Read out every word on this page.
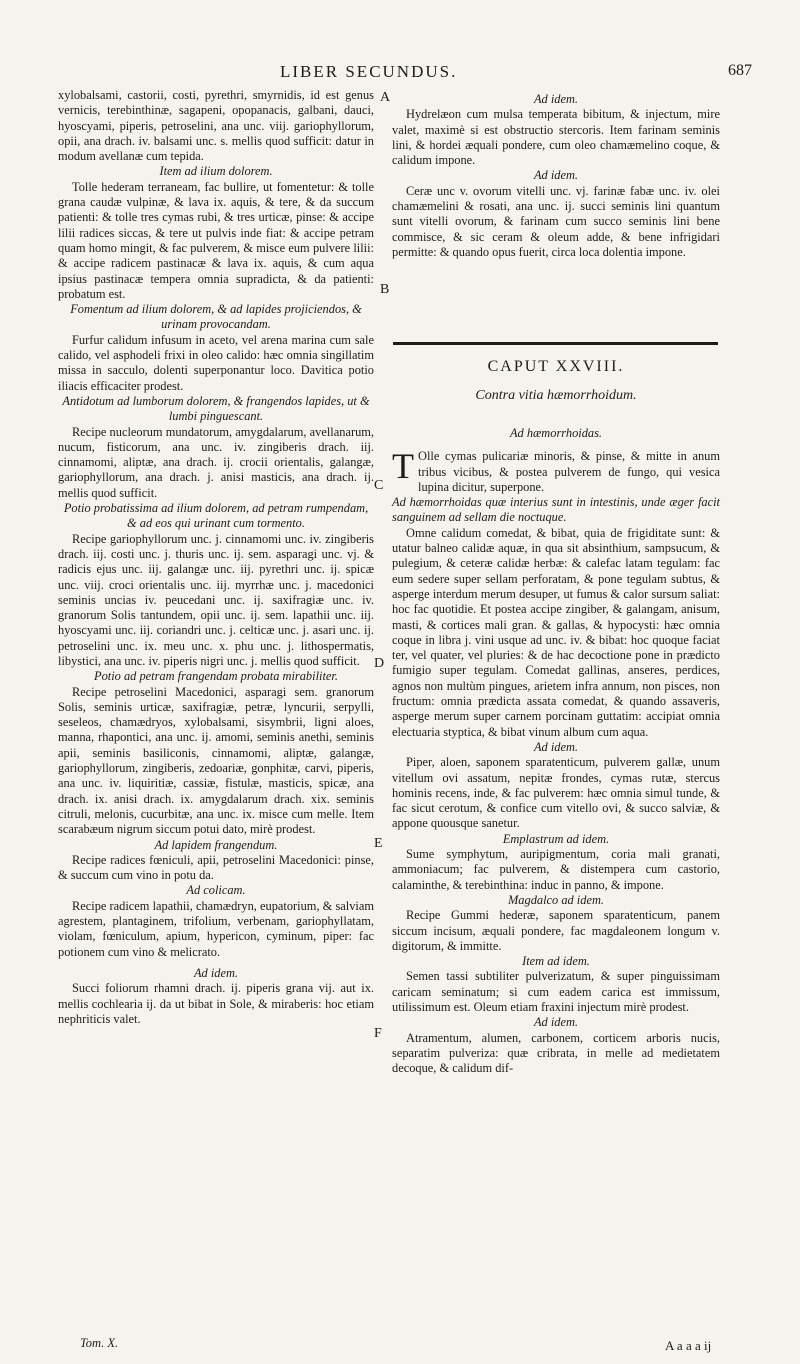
LIBER SECUNDUS.	687
A
B
C
D
E
F

xylobalsami, castorii, costi, pyrethri, smyrnidis, id est genus vernicis, terebinthinæ, sagapeni, opopanacis, galbani, dauci, hyoscyami, piperis, petroselini, ana unc. viij. gariophyllorum, opii, ana drach. iv. balsami unc. s. mellis quod sufficit: datur in modum avellanæ cum tepida.

Item ad ilium dolorem.

Tolle hederam terraneam, fac bullire, ut fomentetur: & tolle grana caudæ vulpinæ, & lava ix. aquis, & tere, & da succum patienti: & tolle tres cymas rubi, & tres urticæ, pinse: & accipe lilii radices siccas, & tere ut pulvis inde fiat: & accipe petram quam homo mingit, & fac pulverem, & misce eum pulvere lilii: & accipe radicem pastinacæ & lava ix. aquis, & cum aqua ipsius pastinacæ tempera omnia supradicta, & da patienti: probatum est.

Fomentum ad ilium dolorem, & ad lapides projiciendos, & urinam provocandam.

Furfur calidum infusum in aceto, vel arena marina cum sale calido, vel asphodeli frixi in oleo calido: hæc omnia singillatim missa in sacculo, dolenti superponantur loco. Davitica potio iliacis efficaciter prodest.

Antidotum ad lumborum dolorem, & frangendos lapides, ut & lumbi pinguescant.

Recipe nucleorum mundatorum, amygdalarum, avellanarum, nucum, fisticorum, ana unc. iv. zingiberis drach. iij. cinnamomi, aliptæ, ana drach. ij. crocii orientalis, galangæ, gariophyllorum, ana drach. j. anisi masticis, ana drach. ij. mellis quod sufficit.

Potio probatissima ad ilium dolorem, ad petram rumpendam, & ad eos qui urinant cum tormento.

Recipe gariophyllorum unc. j. cinnamomi unc. iv. zingiberis drach. iij. costi unc. j. thuris unc. ij. sem. asparagi unc. vj. & radicis ejus unc. iij. galangæ unc. iij. pyrethri unc. ij. spicæ unc. viij. croci orientalis unc. iij. myrrhæ unc. j. macedonici seminis uncias iv. peucedani unc. ij. saxifragiæ unc. iv. granorum Solis tantundem, opii unc. ij. sem. lapathii unc. iij. hyoscyami unc. iij. coriandri unc. j. celticæ unc. j. asari unc. ij. petroselini unc. ix. meu unc. x. phu unc. j. lithospermatis, libystici, ana unc. iv. piperis nigri unc. j. mellis quod sufficit.

Potio ad petram frangendam probata mirabiliter.

Recipe petroselini Macedonici, asparagi sem. granorum Solis, seminis urticæ, saxifragiæ, petræ, lyncurii, serpylli, seseleos, chamædryos, xylobalsami, sisymbrii, ligni aloes, manna, rhapontici, ana unc. ij. amomi, seminis anethi, seminis apii, seminis basiliconis, cinnamomi, aliptæ, galangæ, gariophyllorum, zingiberis, zedoariæ, gonphitæ, carvi, piperis, ana unc. iv. liquiritiæ, cassiæ, fistulæ, masticis, spicæ, ana drach. ix. anisi drach. ix. amygdalarum drach. xix. seminis citruli, melonis, cucurbitæ, ana unc. ix. misce cum melle. Item scarabæum nigrum siccum potui dato, mirè prodest.

Ad lapidem frangendum.

Recipe radices fœniculi, apii, petroselini Macedonici: pinse, & succum cum vino in potu da.

Ad colicam.

Recipe radicem lapathii, chamædryn, eupatorium, & salviam agrestem, plantaginem, trifolium, verbenam, gariophyllatam, violam, fœniculum, apium, hypericon, cyminum, piper: fac potionem cum vino & melicrato.

Ad idem.

Succi foliorum rhamni drach. ij. piperis grana vij. aut ix. mellis cochlearia ij. da ut bibat in Sole, & miraberis: hoc etiam nephriticis valet.

Tom. X.

Ad idem.

Hydrelæon cum mulsa temperata bibitum, & injectum, mire valet, maximè si est obstructio stercoris. Item farinam seminis lini, & hordei æquali pondere, cum oleo chamæmelino coque, & calidum impone.

Ad idem.

Ceræ unc v. ovorum vitelli unc. vj. farinæ fabæ unc. iv. olei chamæmelini & rosati, ana unc. ij. succi seminis lini quantum sunt vitelli ovorum, & farinam cum succo seminis lini bene commisce, & sic ceram & oleum adde, & bene infrigidari permitte: & quando opus fuerit, circa loca dolentia impone.

CAPUT XXVIII.
Contra vitia hæmorrhoidum.

Ad hæmorrhoidas.

T Olle cymas pulicariæ minoris, & pinse, & mitte in anum tribus vicibus, & postea pulverem de fungo, qui vesica lupina dicitur, superpone.

Ad hæmorrhoidas quæ interius sunt in intestinis, unde æger facit sanguinem ad sellam die noctuque.

Omne calidum comedat, & bibat, quia de frigiditate sunt: & utatur balneo calidæ aquæ, in qua sit absinthium, sampsucum, & pulegium, & ceteræ calidæ herbæ: & calefac latam tegulam: fac eum sedere super sellam perforatam, & pone tegulam subtus, & asperge interdum merum desuper, ut fumus & calor sursum saliat: hoc fac quotidie. Et postea accipe zingiber, & galangam, anisum, masti, & cortices mali gran. & gallas, & hypocysti: hæc omnia coque in libra j. vini usque ad unc. iv. & bibat: hoc quoque faciat ter, vel quater, vel pluries: & de hac decoctione pone in prædicto fumigio super tegulam. Comedat gallinas, anseres, perdices, agnos non multùm pingues, arietem infra annum, non pisces, non fructum: omnia prædicta assata comedat, & quando assaveris, asperge merum super carnem porcinam guttatim: accipiat omnia electuaria styptica, & bibat vinum album cum aqua.

Ad idem.

Piper, aloen, saponem sparatenticum, pulverem gallæ, unum vitellum ovi assatum, nepitæ frondes, cymas rutæ, stercus hominis recens, inde, & fac pulverem: hæc omnia simul tunde, & fac sicut cerotum, & confice cum vitello ovi, & succo salviæ, & appone quousque sanetur.

Emplastrum ad idem.

Sume symphytum, auripigmentum, coria mali granati, ammoniacum; fac pulverem, & distempera cum castorio, calaminthe, & terebinthina: induc in panno, & impone.

Magdalco ad idem.

Recipe Gummi hederæ, saponem sparatenticum, panem siccum incisum, æquali pondere, fac magdaleonem longum v. digitorum, & immitte.

Item ad idem.

Semen tassi subtiliter pulverizatum, & super pinguissimam caricam seminatum; si cum eadem carica est immissum, utilissimum est. Oleum etiam fraxini injectum mirè prodest.

Ad idem.

Atramentum, alumen, carbonem, corticem arboris nucis, separatim pulveriza: quæ cribrata, in melle ad medietatem decoque, & calidum dif-

A a a a ij
